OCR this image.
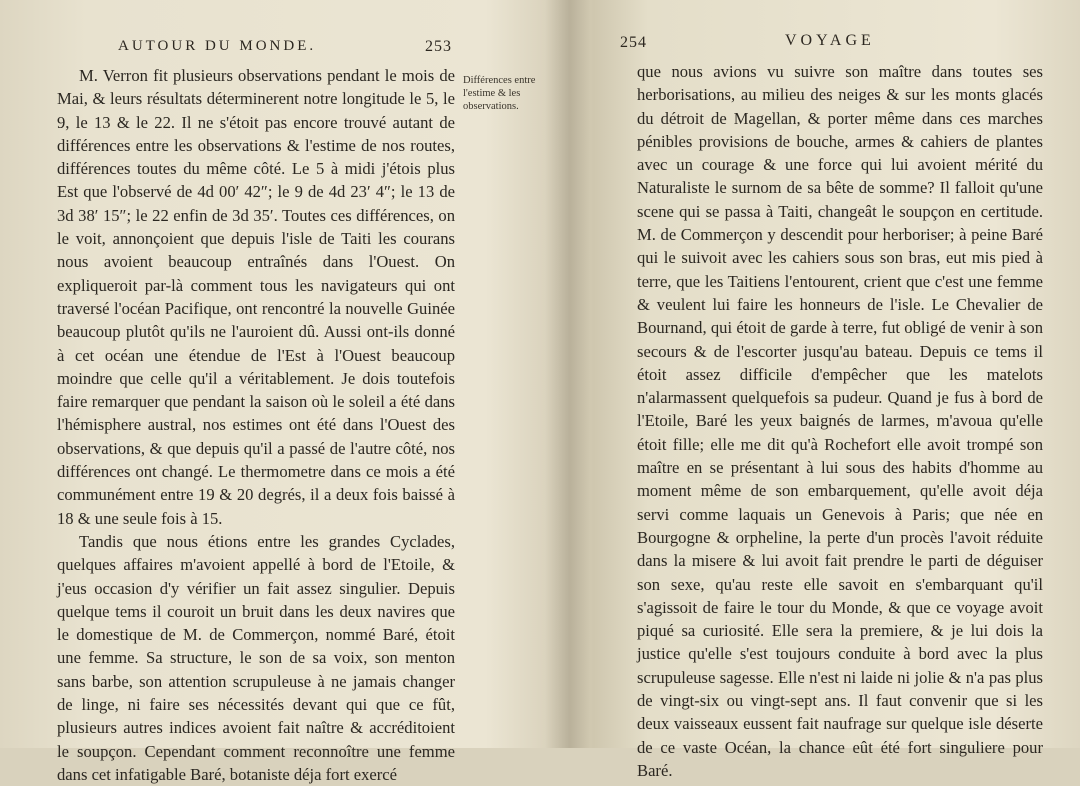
AUTOUR DU MONDE.	253

M. Verron fit plusieurs observations pendant le mois de Mai, & leurs résultats déterminerent notre longitude le 5, le 9, le 13 & le 22. Il ne s'étoit pas encore trouvé autant de différences entre les observations & l'estime de nos routes, différences toutes du même côté. Le 5 à midi j'étois plus Est que l'observé de 4d 00′ 42″; le 9 de 4d 23′ 4″; le 13 de 3d 38′ 15″; le 22 enfin de 3d 35′. Toutes ces différences, on le voit, annonçoient que depuis l'isle de Taiti les courans nous avoient beaucoup entraînés dans l'Ouest. On expliqueroit par-là comment tous les navigateurs qui ont traversé l'océan Pacifique, ont rencontré la nouvelle Guinée beaucoup plutôt qu'ils ne l'auroient dû. Aussi ont-ils donné à cet océan une étendue de l'Est à l'Ouest beaucoup moindre que celle qu'il a véritablement. Je dois toutefois faire remarquer que pendant la saison où le soleil a été dans l'hémisphere austral, nos estimes ont été dans l'Ouest des observations, & que depuis qu'il a passé de l'autre côté, nos différences ont changé. Le thermometre dans ce mois a été communément entre 19 & 20 degrés, il a deux fois baissé à 18 & une seule fois à 15.

Tandis que nous étions entre les grandes Cyclades, quelques affaires m'avoient appellé à bord de l'Etoile, & j'eus occasion d'y vérifier un fait assez singulier. Depuis quelque tems il couroit un bruit dans les deux navires que le domestique de M. de Commerçon, nommé Baré, étoit une femme. Sa structure, le son de sa voix, son menton sans barbe, son attention scrupuleuse à ne jamais changer de linge, ni faire ses nécessités devant qui que ce fût, plusieurs autres indices avoient fait naître & accréditoient le soupçon. Cependant comment reconnoître une femme dans cet infatigable Baré, botaniste déja fort exercé

Différences entre l'estime & les observations.
254	VOYAGE

que nous avions vu suivre son maître dans toutes ses herborisations, au milieu des neiges & sur les monts glacés du détroit de Magellan, & porter même dans ces marches pénibles provisions de bouche, armes & cahiers de plantes avec un courage & une force qui lui avoient mérité du Naturaliste le surnom de sa bête de somme? Il falloit qu'une scene qui se passa à Taiti, changeât le soupçon en certitude. M. de Commerçon y descendit pour herboriser; à peine Baré qui le suivoit avec les cahiers sous son bras, eut mis pied à terre, que les Taitiens l'entourent, crient que c'est une femme & veulent lui faire les honneurs de l'isle. Le Chevalier de Bournand, qui étoit de garde à terre, fut obligé de venir à son secours & de l'escorter jusqu'au bateau. Depuis ce tems il étoit assez difficile d'empêcher que les matelots n'alarmassent quelquefois sa pudeur. Quand je fus à bord de l'Etoile, Baré les yeux baignés de larmes, m'avoua qu'elle étoit fille; elle me dit qu'à Rochefort elle avoit trompé son maître en se présentant à lui sous des habits d'homme au moment même de son embarquement, qu'elle avoit déja servi comme laquais un Genevois à Paris; que née en Bourgogne & orpheline, la perte d'un procès l'avoit réduite dans la misere & lui avoit fait prendre le parti de déguiser son sexe, qu'au reste elle savoit en s'embarquant qu'il s'agissoit de faire le tour du Monde, & que ce voyage avoit piqué sa curiosité. Elle sera la premiere, & je lui dois la justice qu'elle s'est toujours conduite à bord avec la plus scrupuleuse sagesse. Elle n'est ni laide ni jolie & n'a pas plus de vingt-six ou vingt-sept ans. Il faut convenir que si les deux vaisseaux eussent fait naufrage sur quelque isle déserte de ce vaste Océan, la chance eût été fort singuliere pour Baré.
